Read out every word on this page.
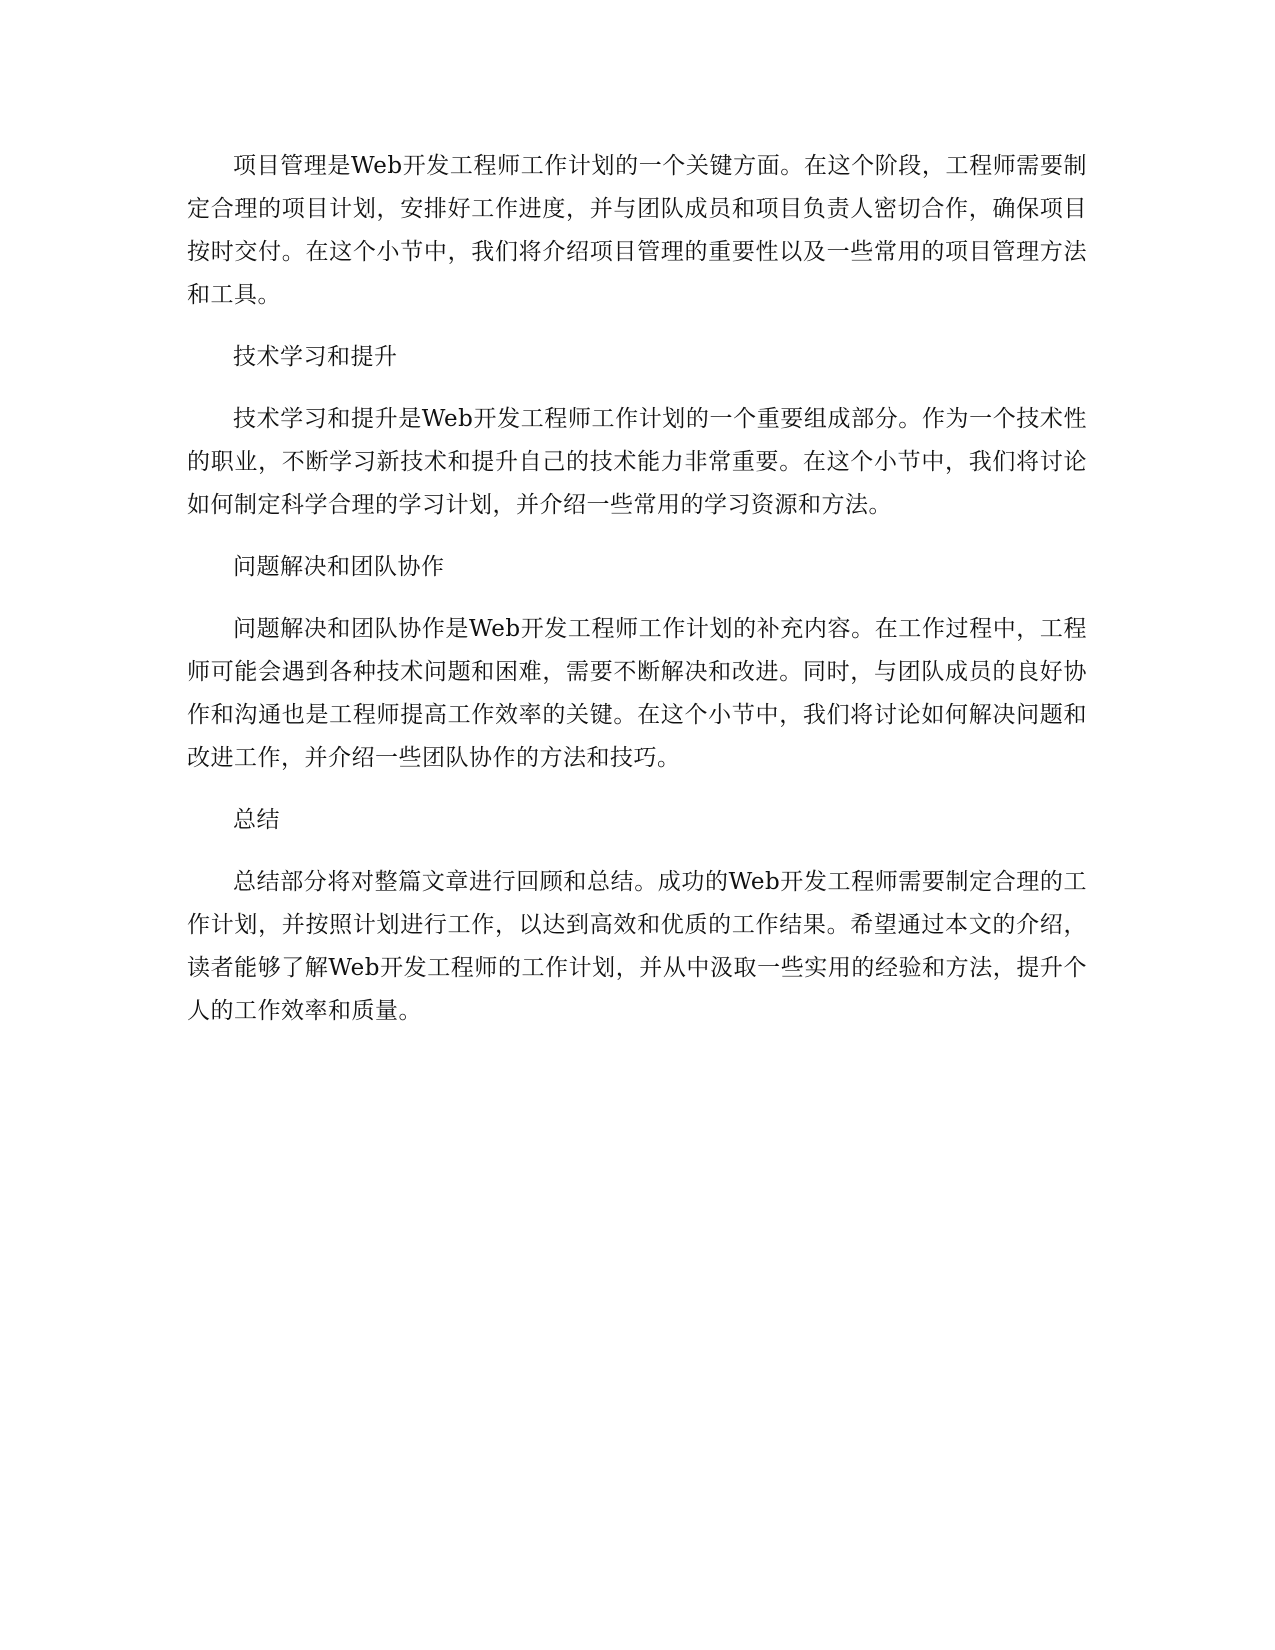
项目管理是Web开发工程师工作计划的一个关键方面。在这个阶段，工程师需要制定合理的项目计划，安排好工作进度，并与团队成员和项目负责人密切合作，确保项目按时交付。在这个小节中，我们将介绍项目管理的重要性以及一些常用的项目管理方法和工具。

技术学习和提升

技术学习和提升是Web开发工程师工作计划的一个重要组成部分。作为一个技术性的职业，不断学习新技术和提升自己的技术能力非常重要。在这个小节中，我们将讨论如何制定科学合理的学习计划，并介绍一些常用的学习资源和方法。

问题解决和团队协作

问题解决和团队协作是Web开发工程师工作计划的补充内容。在工作过程中，工程师可能会遇到各种技术问题和困难，需要不断解决和改进。同时，与团队成员的良好协作和沟通也是工程师提高工作效率的关键。在这个小节中，我们将讨论如何解决问题和改进工作，并介绍一些团队协作的方法和技巧。

总结

总结部分将对整篇文章进行回顾和总结。成功的Web开发工程师需要制定合理的工作计划，并按照计划进行工作，以达到高效和优质的工作结果。希望通过本文的介绍，读者能够了解Web开发工程师的工作计划，并从中汲取一些实用的经验和方法，提升个人的工作效率和质量。
